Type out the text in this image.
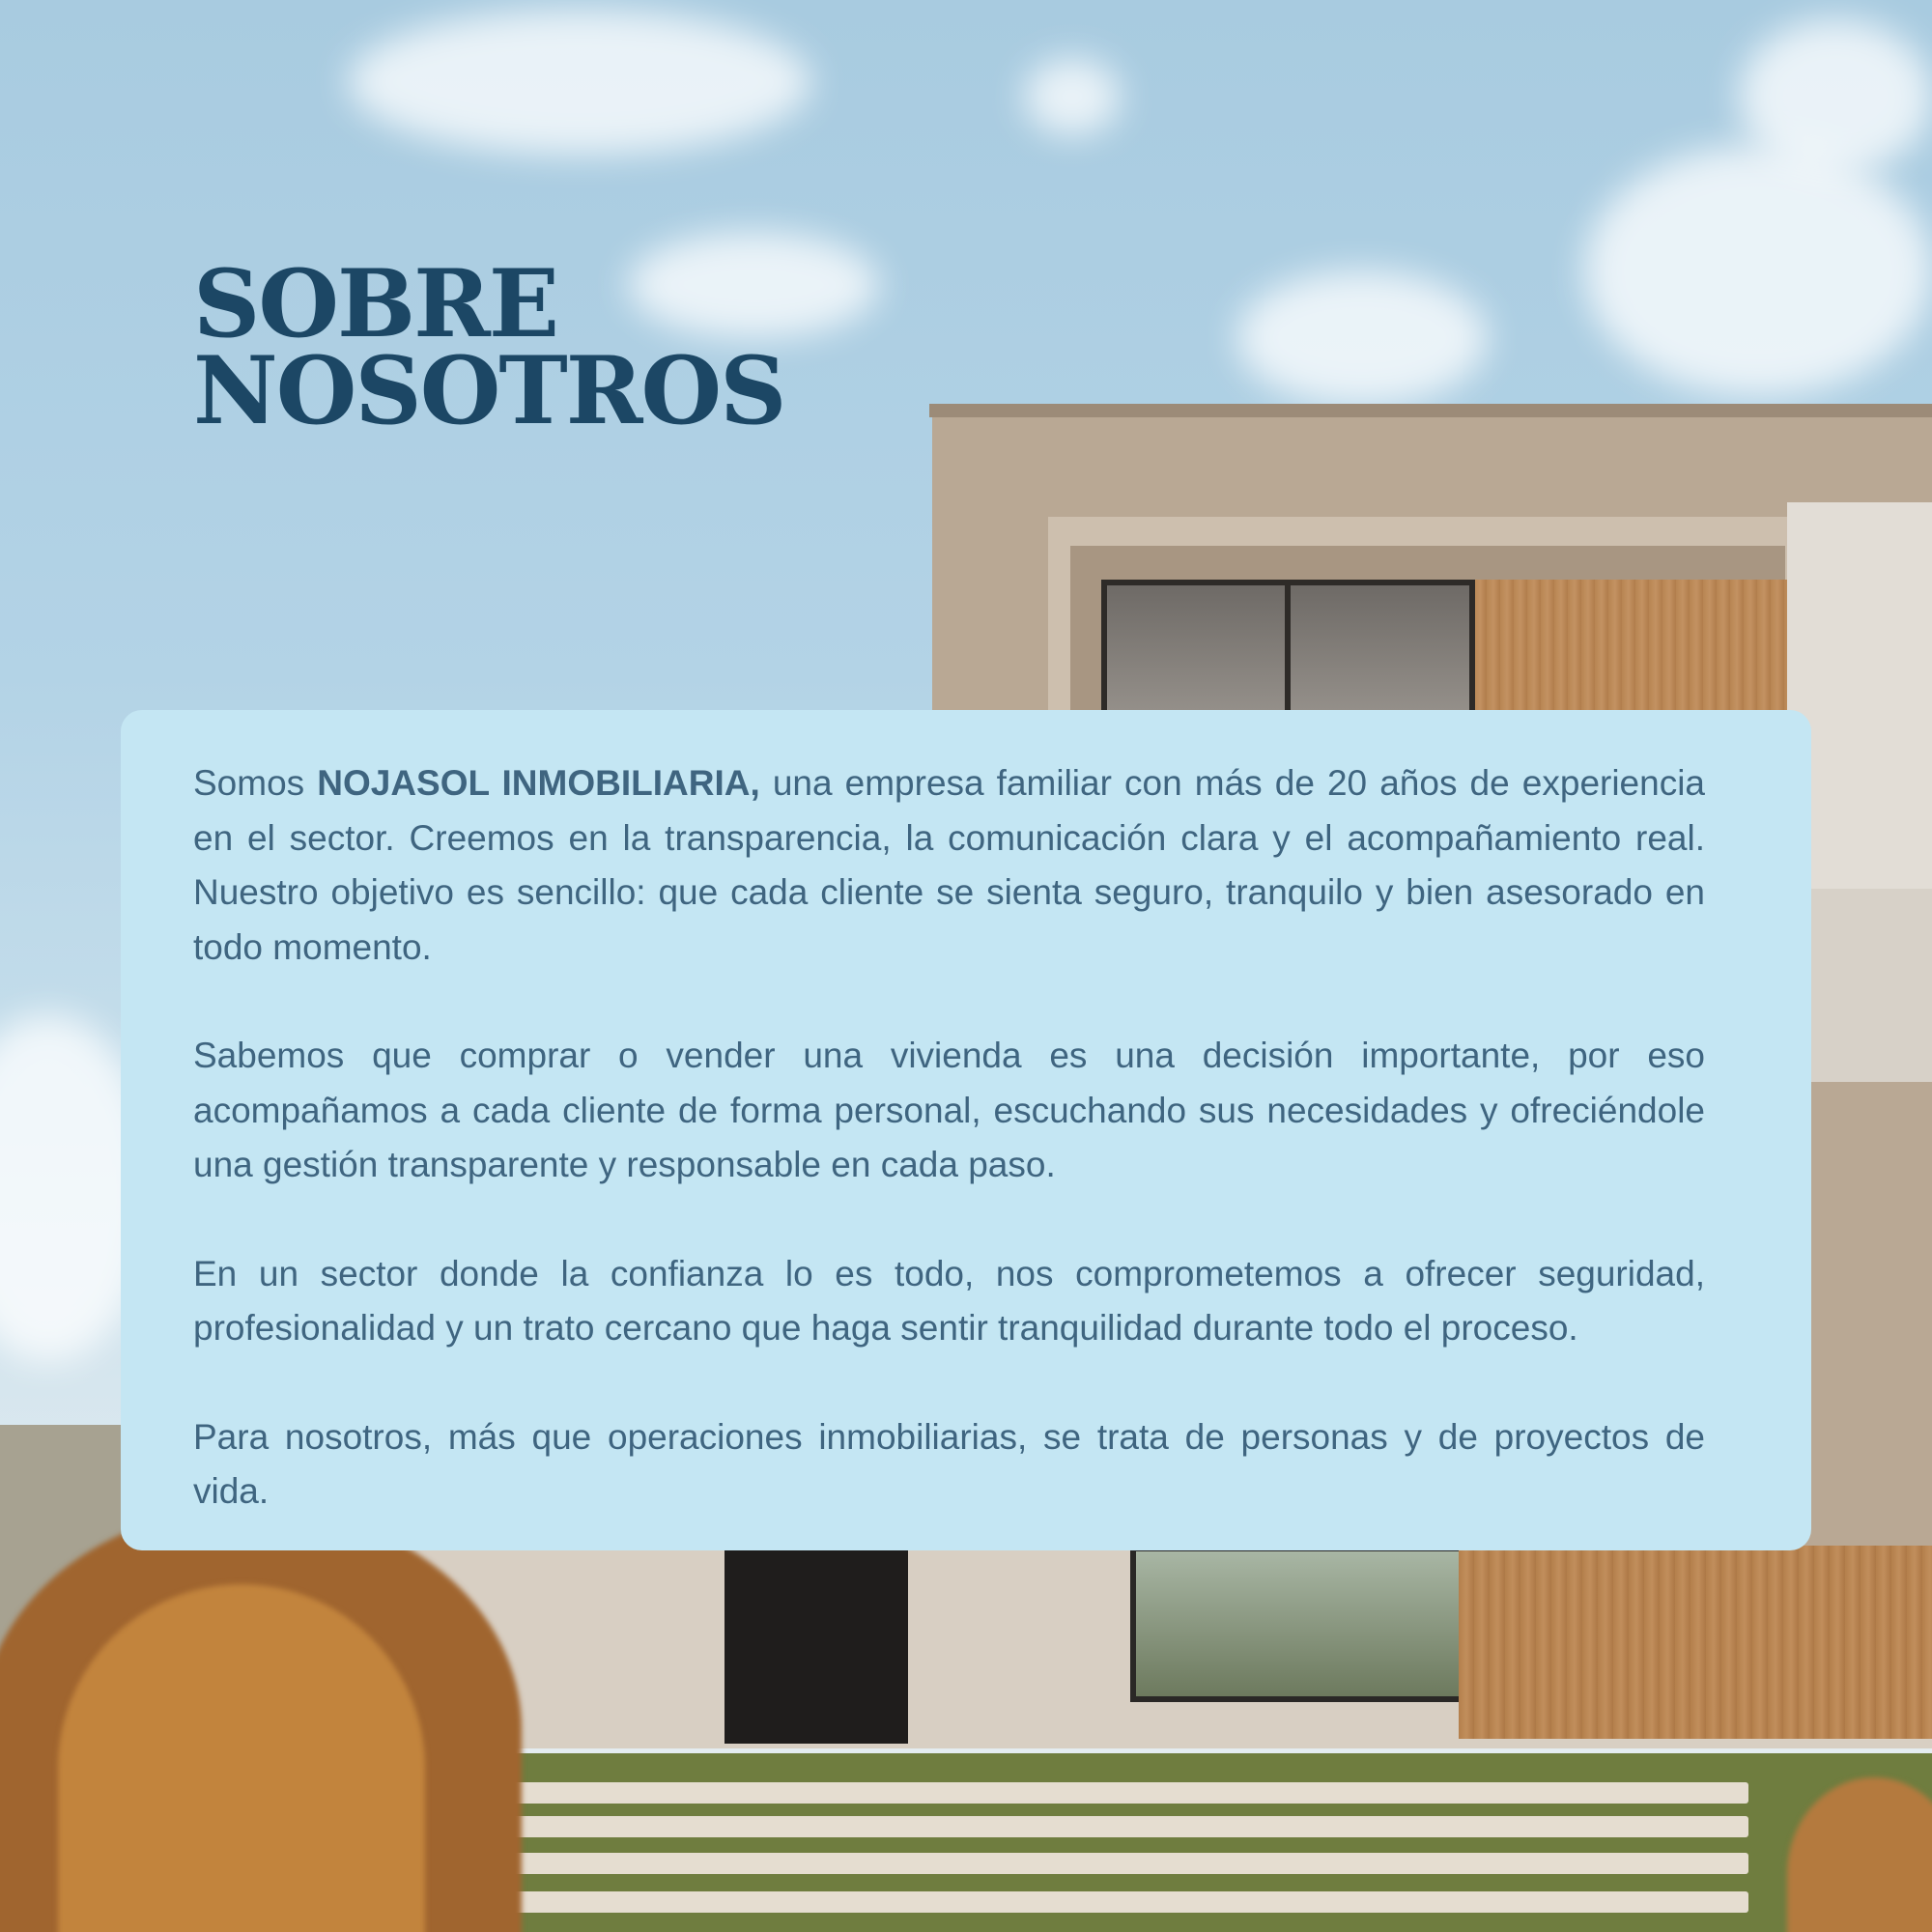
SOBRE
NOSOTROS

Somos NOJASOL INMOBILIARIA, una empresa familiar con más de 20 años de experiencia en el sector. Creemos en la transparencia, la comunicación clara y el acompañamiento real. Nuestro objetivo es sencillo: que cada cliente se sienta seguro, tranquilo y bien asesorado en todo momento.

Sabemos que comprar o vender una vivienda es una decisión importante, por eso acompañamos a cada cliente de forma personal, escuchando sus necesidades y ofreciéndole una gestión transparente y responsable en cada paso.

En un sector donde la confianza lo es todo, nos comprometemos a ofrecer seguridad, profesionalidad y un trato cercano que haga sentir tranquilidad durante todo el proceso.

Para nosotros, más que operaciones inmobiliarias, se trata de personas y de proyectos de vida.
